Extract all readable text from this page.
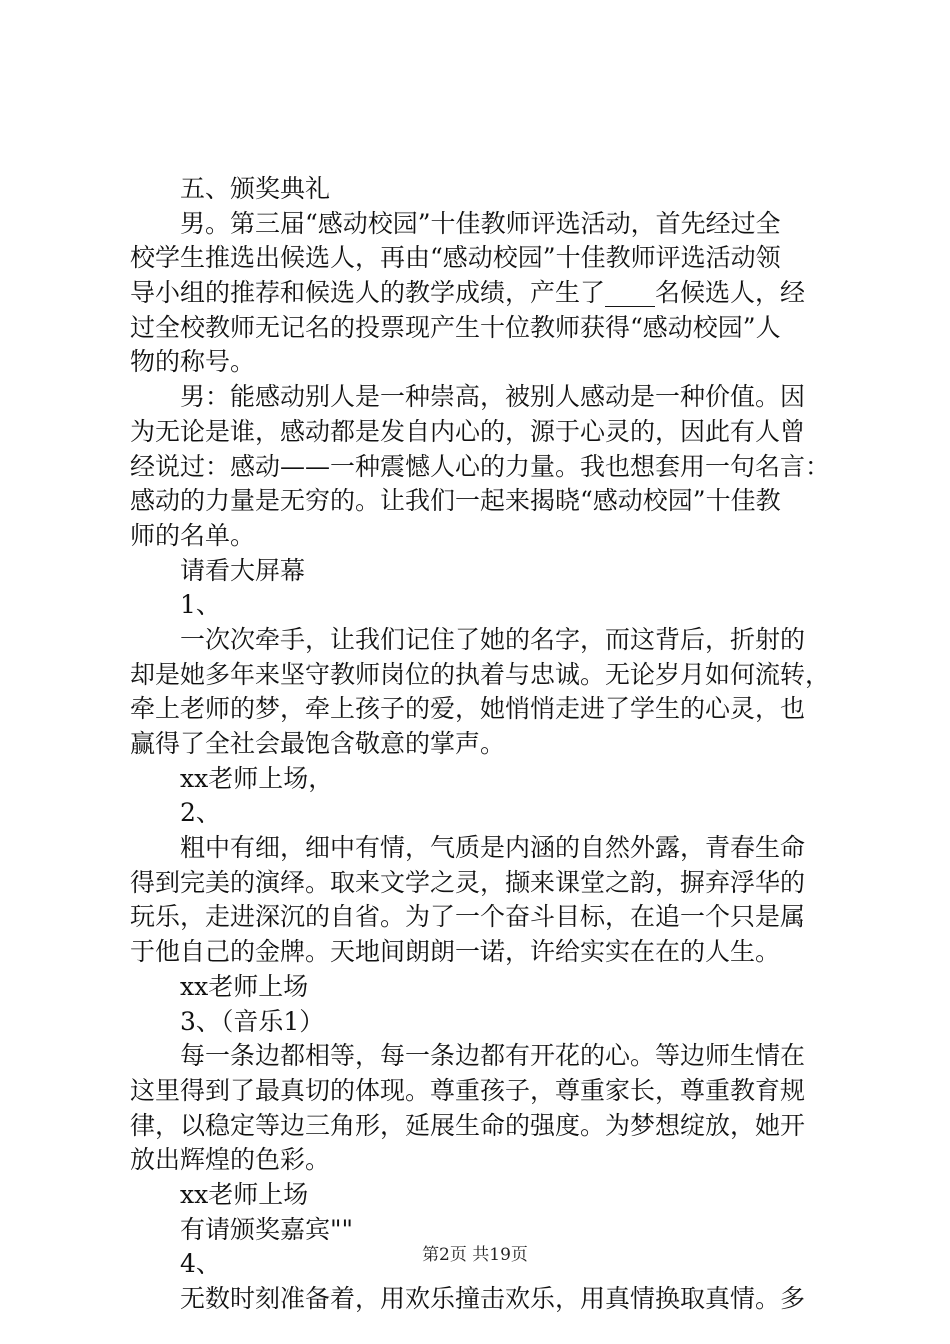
五、颁奖典礼
男。第三届“感动校园”十佳教师评选活动，首先经过全
校学生推选出候选人，再由“感动校园”十佳教师评选活动领
导小组的推荐和候选人的教学成绩，产生了____名候选人，经
过全校教师无记名的投票现产生十位教师获得“感动校园”人
物的称号。
男：能感动别人是一种崇高，被别人感动是一种价值。因
为无论是谁，感动都是发自内心的，源于心灵的，因此有人曾
经说过：感动——一种震憾人心的力量。我也想套用一句名言：
感动的力量是无穷的。让我们一起来揭晓“感动校园”十佳教
师的名单。
请看大屏幕
1、
一次次牵手，让我们记住了她的名字，而这背后，折射的
却是她多年来坚守教师岗位的执着与忠诚。无论岁月如何流转，
牵上老师的梦，牵上孩子的爱，她悄悄走进了学生的心灵，也
赢得了全社会最饱含敬意的掌声。
xx老师上场，
2、
粗中有细，细中有情，气质是内涵的自然外露，青春生命
得到完美的演绎。取来文学之灵，撷来课堂之韵，摒弃浮华的
玩乐，走进深沉的自省。为了一个奋斗目标，在追一个只是属
于他自己的金牌。天地间朗朗一诺，许给实实在在的人生。
xx老师上场
3、（音乐1）
每一条边都相等，每一条边都有开花的心。等边师生情在
这里得到了最真切的体现。尊重孩子，尊重家长，尊重教育规
律，以稳定等边三角形，延展生命的强度。为梦想绽放，她开
放出辉煌的色彩。
xx老师上场
有请颁奖嘉宾""
4、
无数时刻准备着，用欢乐撞击欢乐，用真情换取真情。多
第2页 共19页
